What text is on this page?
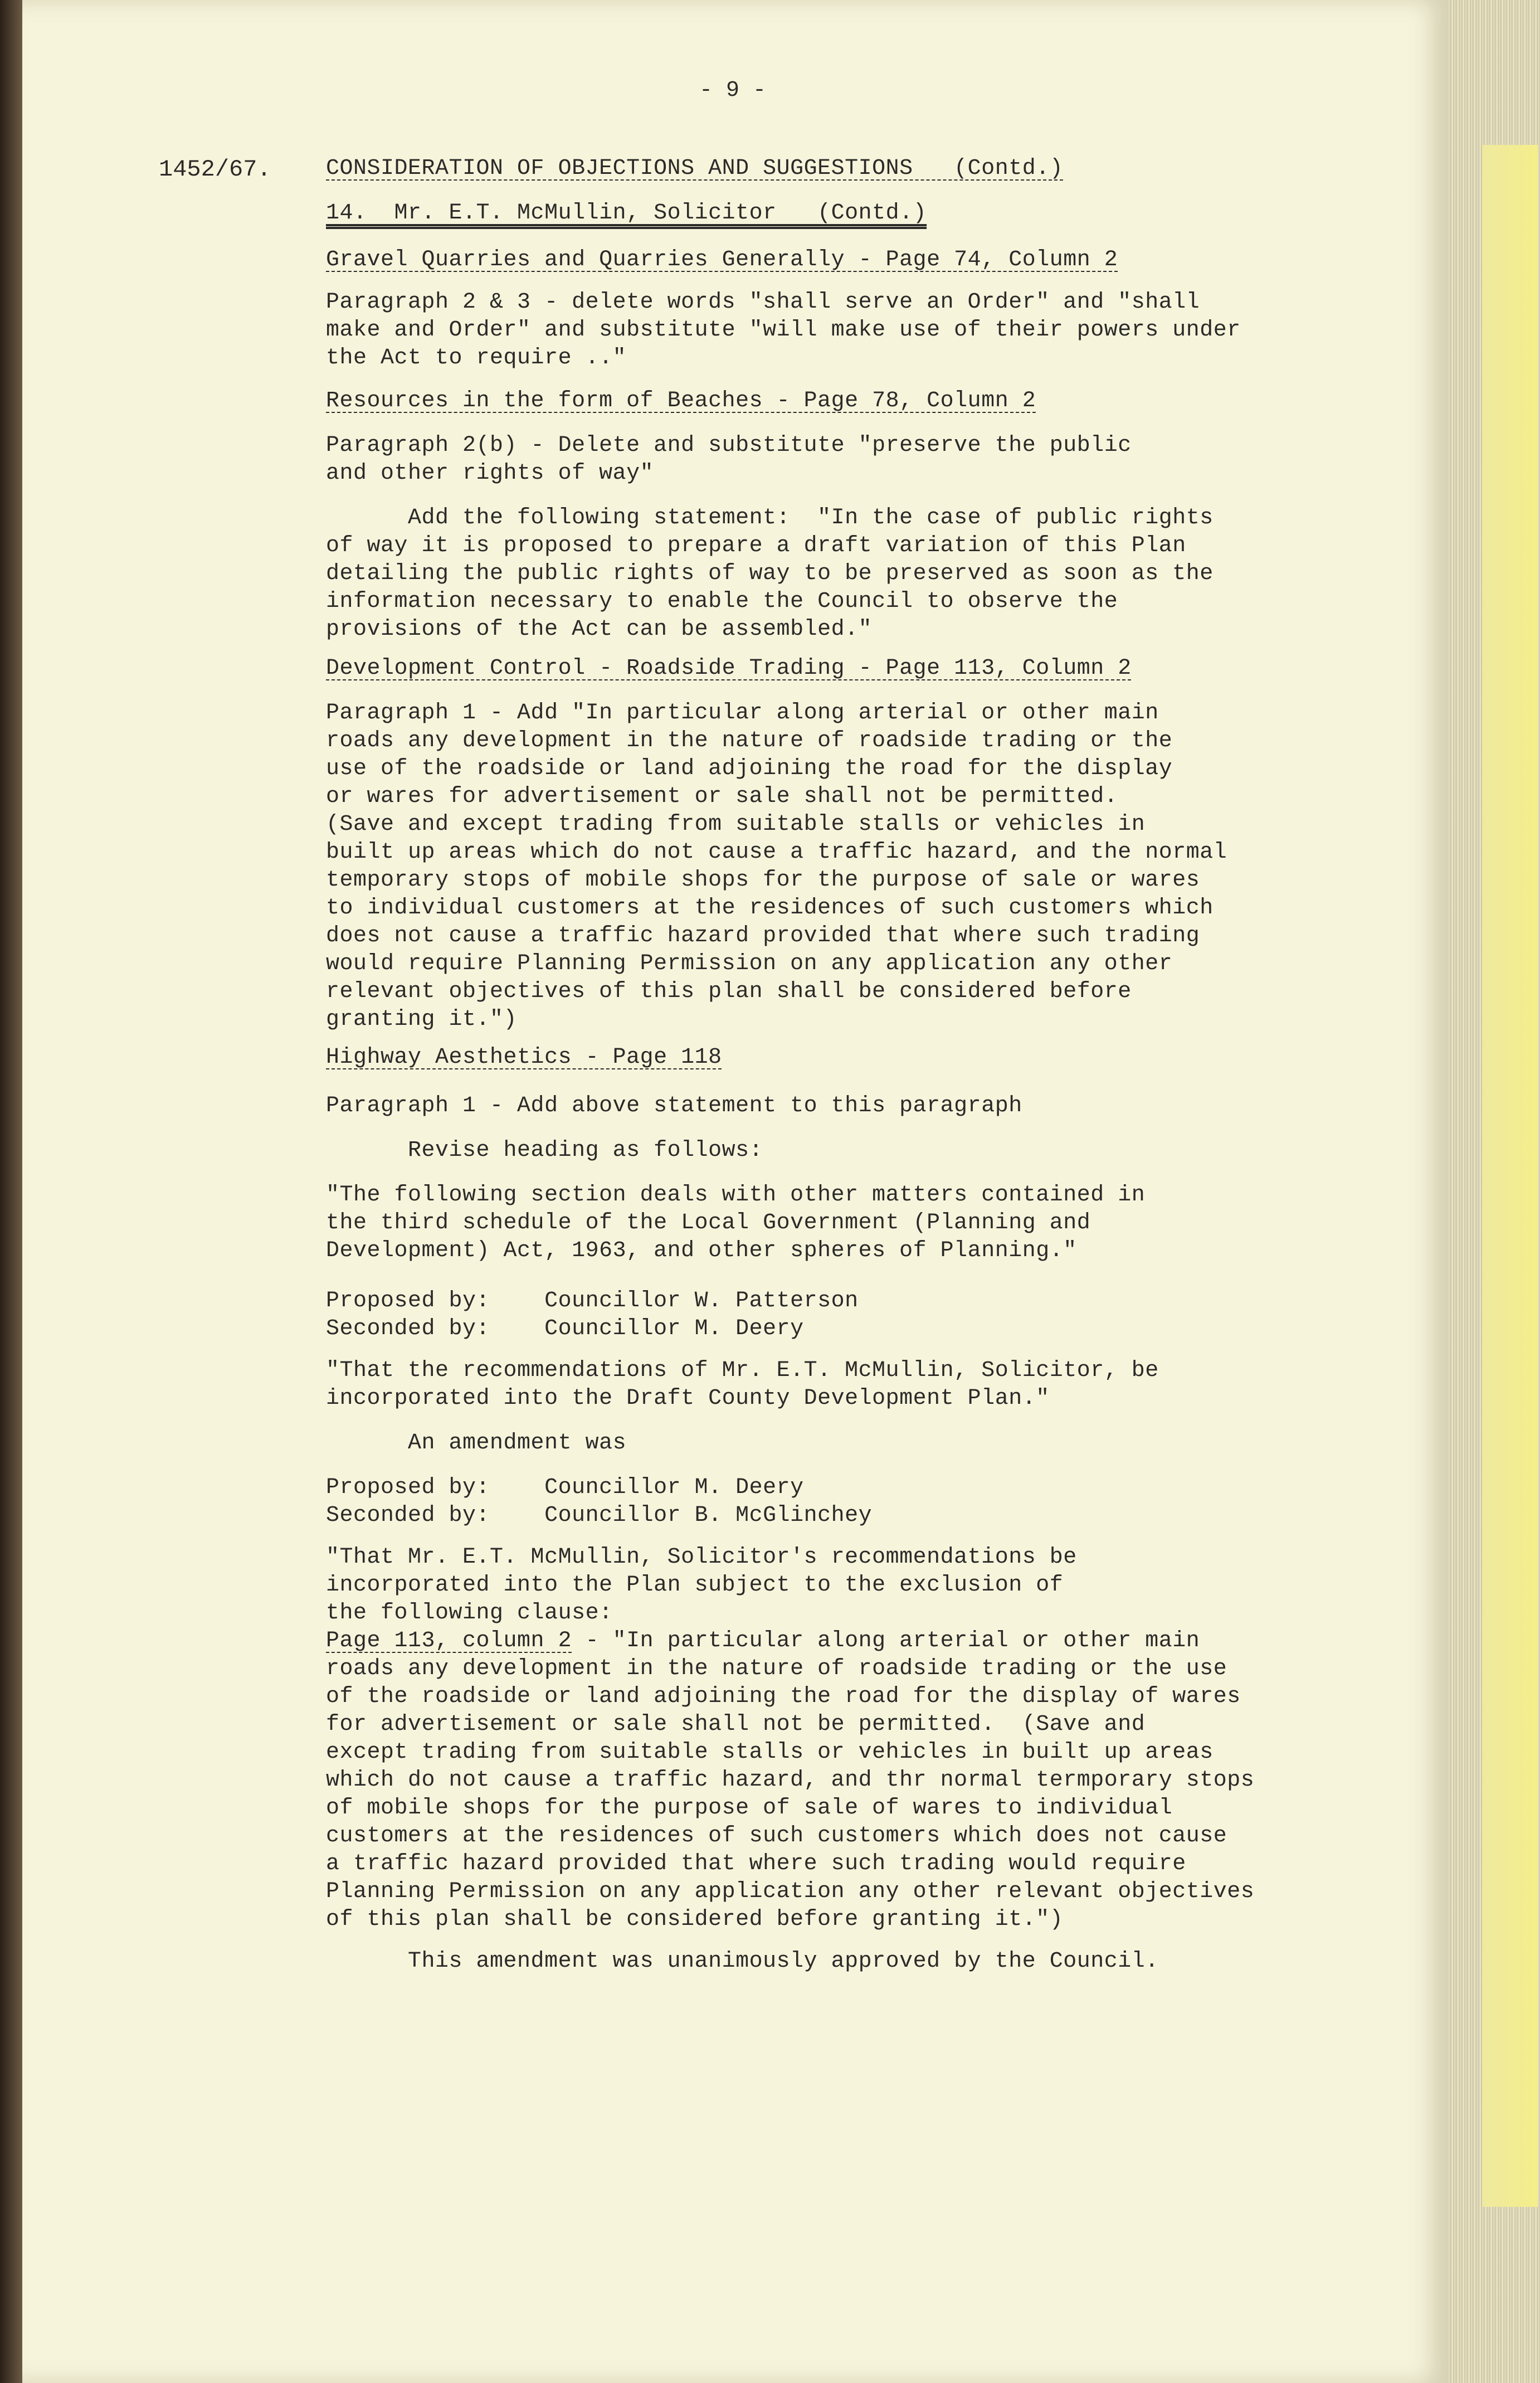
- 9 -
1452/67. CONSIDERATION OF OBJECTIONS AND SUGGESTIONS   (Contd.)
14.  Mr. E.T. McMullin, Solicitor   (Contd.)
Gravel Quarries and Quarries Generally - Page 74, Column 2
Paragraph 2 & 3 - delete words "shall serve an Order" and "shall
make and Order" and substitute "will make use of their powers under
the Act to require .."
Resources in the form of Beaches - Page 78, Column 2
Paragraph 2(b) - Delete and substitute "preserve the public
and other rights of way"
Add the following statement:  "In the case of public rights
of way it is proposed to prepare a draft variation of this Plan
detailing the public rights of way to be preserved as soon as the
information necessary to enable the Council to observe the
provisions of the Act can be assembled."
Development Control - Roadside Trading - Page 113, Column 2
Paragraph 1 - Add "In particular along arterial or other main
roads any development in the nature of roadside trading or the
use of the roadside or land adjoining the road for the display
or wares for advertisement or sale shall not be permitted.
(Save and except trading from suitable stalls or vehicles in
built up areas which do not cause a traffic hazard, and the normal
temporary stops of mobile shops for the purpose of sale or wares
to individual customers at the residences of such customers which
does not cause a traffic hazard provided that where such trading
would require Planning Permission on any application any other
relevant objectives of this plan shall be considered before
granting it.")
Highway Aesthetics - Page 118
Paragraph 1 - Add above statement to this paragraph
Revise heading as follows:
"The following section deals with other matters contained in
the third schedule of the Local Government (Planning and
Development) Act, 1963, and other spheres of Planning."
Proposed by:    Councillor W. Patterson
Seconded by:    Councillor M. Deery
"That the recommendations of Mr. E.T. McMullin, Solicitor, be
incorporated into the Draft County Development Plan."
An amendment was
Proposed by:    Councillor M. Deery
Seconded by:    Councillor B. McGlinchey
"That Mr. E.T. McMullin, Solicitor's recommendations be
incorporated into the Plan subject to the exclusion of
the following clause:
Page 113, column 2 - "In particular along arterial or other main
roads any development in the nature of roadside trading or the use
of the roadside or land adjoining the road for the display of wares
for advertisement or sale shall not be permitted.  (Save and
except trading from suitable stalls or vehicles in built up areas
which do not cause a traffic hazard, and thr normal termporary stops
of mobile shops for the purpose of sale of wares to individual
customers at the residences of such customers which does not cause
a traffic hazard provided that where such trading would require
Planning Permission on any application any other relevant objectives
of this plan shall be considered before granting it.")
This amendment was unanimously approved by the Council.
